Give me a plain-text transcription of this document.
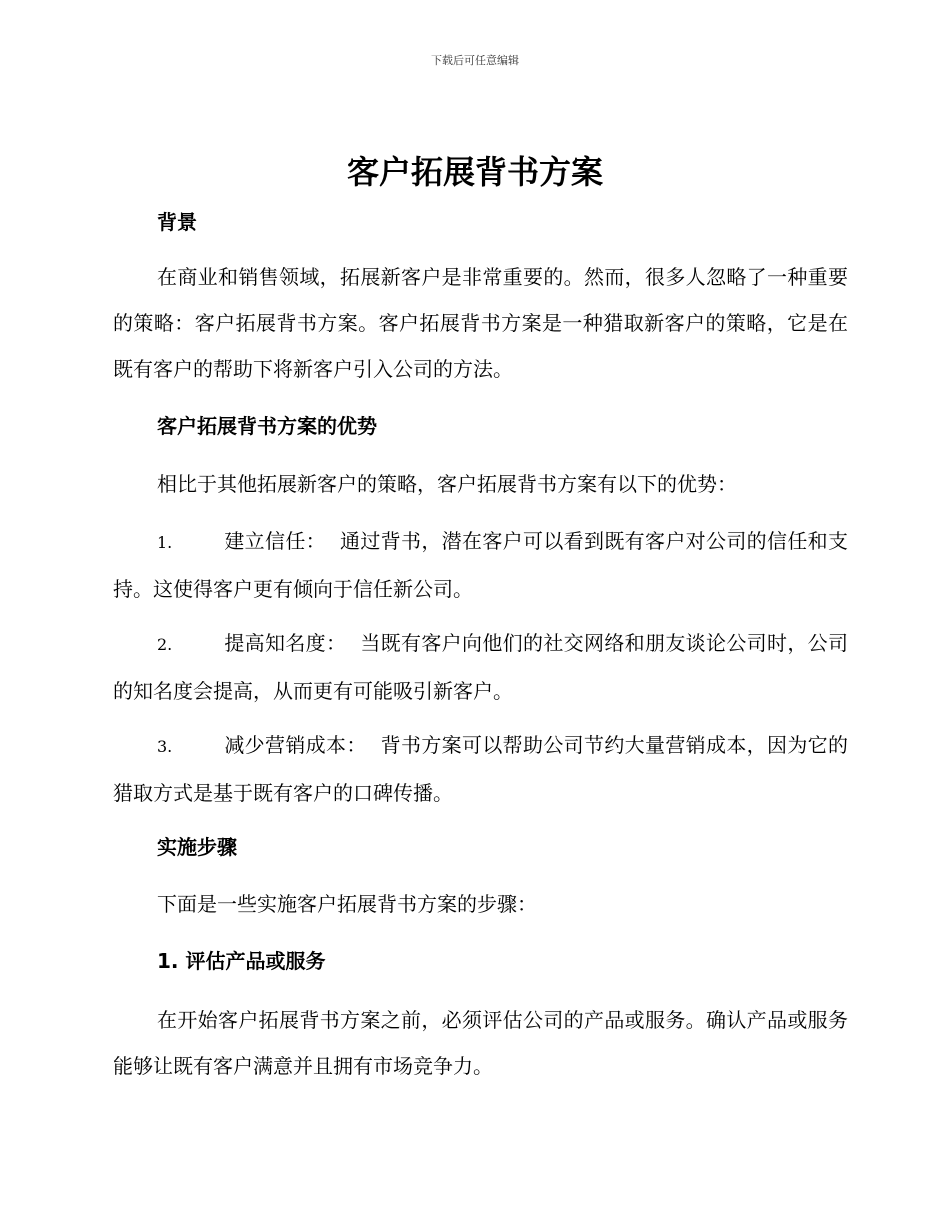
下载后可任意编辑
客户拓展背书方案
背景

在商业和销售领域，拓展新客户是非常重要的。然而，很多人忽略了一种重要的策略：客户拓展背书方案。客户拓展背书方案是一种猎取新客户的策略，它是在既有客户的帮助下将新客户引入公司的方法。

客户拓展背书方案的优势

相比于其他拓展新客户的策略，客户拓展背书方案有以下的优势：

1.	建立信任： 通过背书，潜在客户可以看到既有客户对公司的信任和支持。这使得客户更有倾向于信任新公司。

2.	提高知名度： 当既有客户向他们的社交网络和朋友谈论公司时，公司的知名度会提高，从而更有可能吸引新客户。

3.	减少营销成本： 背书方案可以帮助公司节约大量营销成本，因为它的猎取方式是基于既有客户的口碑传播。

实施步骤

下面是一些实施客户拓展背书方案的步骤：

1. 评估产品或服务

在开始客户拓展背书方案之前，必须评估公司的产品或服务。确认产品或服务能够让既有客户满意并且拥有市场竞争力。
